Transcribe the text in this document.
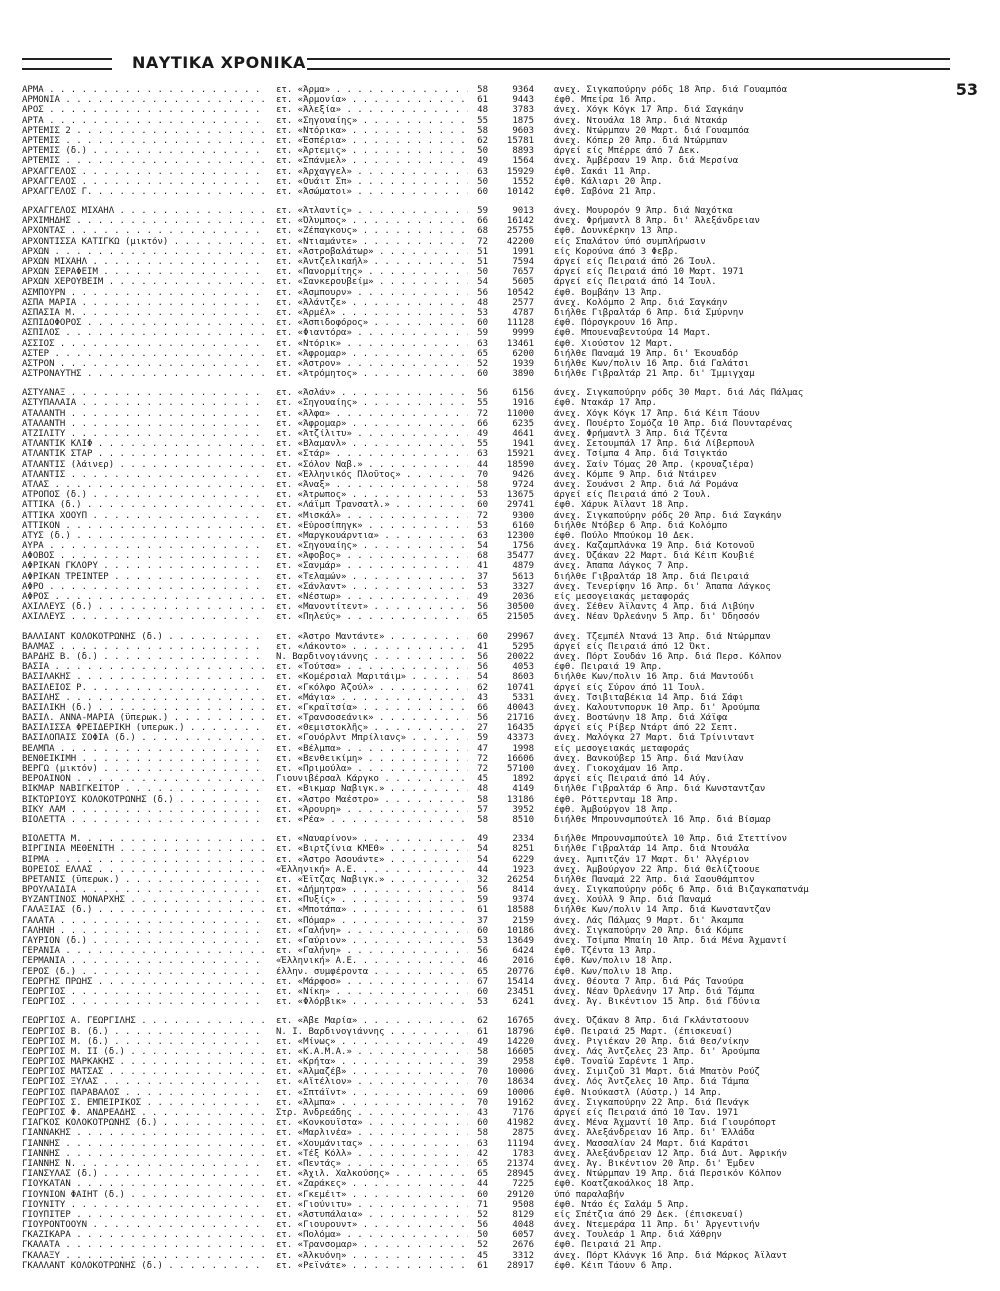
ΝΑΥΤΙΚΑ ΧΡΟΝΙΚΑ
53
ΑΡΜΑ . . .	ετ. «Άρμα» . . .	58	9364 ανεχ. Σιγκαπούρην ρόδς 18 Άπρ. διά Γουαμπόα
ΑΡΜΟΝΙΑ . . .	ετ. «Άρμονία» . . .	61	9443 έφθ. Μπείρα 16 Άπρ.
ΑΡΟΣ . . .	ετ. «Άλεξία» . . .	48	3783 άνεχ. Χόγκ Κόγκ 17 Άπρ. διά Σαγκάην
ΑΡΤΑ . . .	ετ. «Σηγουαίης» . . .	55	1875 άνεχ. Ντουάλα 18 Άπρ. διά Ντακάρ
ΑΡΤΕΜΙΣ 2 . . .	ετ. «Ντόρικα» . . .	58	9603 άνεχ. Ντώρμπαν 20 Μαρτ. διά Γουαμπόα
ΑΡΤΕΜΙΣ . . .	ετ. «Έσπέρια» . . .	62	15781 άνεχ. Κόπερ 20 Άπρ. διά Ντώρμπαν
ΑΡΤΕΜΙΣ (δ.) . . .	ετ. «Άρτεμις» . . .	50	8893 άργεί είς Μπέρρε άπό 7 Δεκ.
ΑΡΤΕΜΙΣ . . .	ετ. «Σπάνμελ» . . .	49	1564 άνεχ. Άμβέρσαν 19 Άπρ. διά Μερσίνα
ΑΡΧΑΓΓΕΛΟΣ . . .	ετ. «Άρχαγγελ» . . .	63	15929 έφθ. Σακάι 11 Άπρ.
ΑΡΧΑΓΓΕΛΟΣ . . .	ετ. «Ουάιτ Σπ» . . .	50	1552 έφθ. Κάλιαρι 20 Άπρ.
ΑΡΧΑΓΓΕΛΟΣ Γ. . . .	ετ. «Άσώματοι» . . .	60	10142 έφθ. Σαβόνα 21 Άπρ.
ΑΡΧΑΓΓΕΛΟΣ ΜΙΧΑΗΛ . . .	ετ. «Άτλαντίς» . . .	59	9013 άνεχ. Μουρορόν 9 Άπρ. διά Ναχότκα
ΑΡΧΙΜΗΔΗΣ . . .	ετ. «Όλυμπος» . . .	66	16142 άνεχ. Φρήμαντλ 8 Άπρ. δι' Άλεξάνδρειαν
ΑΡΧΟΝΤΑΣ . . .	ετ. «Ζέπαγκους» . . .	68	25755 έφθ. Δουνκέρκην 13 Άπρ.
ΑΡΧΟΝΤΙΣΣΑ ΚΑΤΙΓΚΩ (μικτόν) . . .	ετ. «Ντιαμάντε» . . .	72	42200 είς Σπαλάτον ύπό συμπλήρωσιν
ΑΡΧΩΝ . . .	ετ. «Άστροβαλάτωρ» . . .	51	1991 είς Κορούνα άπό 3 Φεβρ.
ΑΡΧΩΝ ΜΙΧΑΗΛ . . .	ετ. «Άντζελικαήλ» . . .	51	7594 άργεί είς Πειραιά άπό 26 Ίουλ.
ΑΡΧΩΝ ΣΕΡΑΦΕΙΜ . . .	ετ. «Πανορμίτης» . . .	50	7657 άργεί είς Πειραιά άπό 10 Μαρτ. 1971
ΑΡΧΩΝ ΧΕΡΟΥΒΕΙΜ . . .	ετ. «Σανκερουβείμ» . . .	54	5605 άργεί είς Πειραιά άπό 14 Ίουλ.
ΑΣΜΠΟΥΡΝ . . .	ετ. «Άσμπουρν» . . .	56	10542 έφθ. Βομβάην 13 Άπρ.
ΑΣΠΑ ΜΑΡΙΑ . . .	ετ. «Άλάντζε» . . .	48	2577 άνεχ. Κολόμπο 2 Άπρ. διά Σαγκάην
ΑΣΠΑΣΙΑ Μ. . . .	ετ. «Άρμέλ» . . .	53	4787 διήλθε Γιβραλτάρ 6 Άπρ. διά Σμύρνην
ΑΣΠΙΔΟΦΟΡΟΣ . . .	ετ. «Άσπιδοφόρος» . . .	60	11128 έφθ. Πόρσγκρουν 16 Άπρ.
ΑΣΠΙΛΟΣ . . .	ετ. «Φιαντόρα» . . .	59	9999 έφθ. Μπουεναβεντούρα 14 Μαρτ.
ΑΣΣΙΟΣ . . .	ετ. «Ντόρικ» . . .	63	13461 έφθ. Χιούστον 12 Μαρτ.
ΑΣΤΕΡ . . .	ετ. «Άφρομαρ» . . .	65	6200 διήλθε Παναμά 19 Άπρ. δι' Έκουαδόρ
ΑΣΤΡΟΝ . . .	ετ. «Άστρον» . . .	52	1939 διήλθε Κων/πολιν 16 Άπρ. διά Γαλάτσι
ΑΣΤΡΟΝΑΥΤΗΣ . . .	ετ. «Άτρόμητος» . . .	60	3890 διήλθε Γιβραλτάρ 21 Άπρ. δι' Ίμμιγχαμ
ΑΣΤΥΑΝΑΞ . . .	ετ. «Άσλάν» . . .	56	6156 άνεχ. Σιγκαπούρην ρόδς 30 Μαρτ. διά Λάς Πάλμας
ΑΣΤΥΠΑΛΑΙΑ . . .	ετ. «Σηγουαίης» . . .	55	1916 έφθ. Ντακάρ 17 Άπρ.
ΑΤΑΛΑΝΤΗ . . .	ετ. «Άλφα» . . .	72	11000 άνεχ. Χόγκ Κόγκ 17 Άπρ. διά Κέιπ Τάουν
ΑΤΑΛΑΝΤΗ . . .	ετ. «Άφρομαρ» . . .	66	6235 άνεχ. Πουέρτο Σομόζα 10 Άπρ. διά Πουνταρένας
ΑΤΖΙΛΙΤΥ . . .	ετ. «Άτζίλιτυ» . . .	49	4641 άνεχ. Φρήμαντλ 3 Άπρ. διά Τζέντα
ΑΤΛΑΝΤΙΚ ΚΛΙΦ . . .	ετ. «Βλαμανλ» . . .	55	1941 άνεχ. Σετουμπάλ 17 Άπρ. διά Λίβερπουλ
ΑΤΛΑΝΤΙΚ ΣΤΑΡ . . .	ετ. «Στάρ» . . .	63	15921 άνεχ. Τσίμπα 4 Άπρ. διά Τσιγκτάο
ΑΤΛΑΝΤΙΣ (λάινερ) . . .	ετ. «Σόλον Ναβ.» . . .	44	18590 άνεχ. Σαίν Τόμας 20 Άπρ. (κρουαζιέρα)
ΑΤΛΑΝΤΙΣ . . .	ετ. «Έλληνικός Πλοῦτος» . . .	70	9426 άνεχ. Κόμπε 9 Άπρ. διά Ντάιρεν
ΑΤΛΑΣ . . .	ετ. «Άναξ» . . .	58	9724 άνεχ. Σουάνσι 2 Άπρ. διά Λά Ρομάνα
ΑΤΡΟΠΟΣ (δ.) . . .	ετ. «Άτρωπος» . . .	53	13675 άργεί είς Πειραιά άπό 2 Ίουλ.
ΑΤΤΙΚΑ (δ.) . . .	ετ. «Λάϊμπ Τρανσατλ.» . . .	60	29741 έφθ. Χάρυκ Άϊλαντ 18 Άπρ.
ΑΤΤΙΚΑ ΧΟΟΥΠ . . .	ετ. «Μισκάλ» . . .	72	9300 άνεχ. Σιγκαπούρην ρόδς 20 Άπρ. διά Σαγκάην
ΑΤΤΙΚΟΝ . . .	ετ. «Εὐροσίπηγκ» . . .	53	6160 διήλθε Ντόβερ 6 Άπρ. διά Κολόμπο
ΑΤΥΣ (δ.) . . .	ετ. «Μαργκουάρντια» . . .	63	12300 έφθ. Πούλο Μπούκομ 10 Δεκ.
ΑΥΡΑ . . .	ετ. «Σηγουαίης» . . .	54	1756 άνεχ. Καζαμπλάνκα 19 Άπρ. διά Κοτονοῦ
ΑΦΟΒΟΣ . . .	ετ. «Άφοβος» . . .	68	35477 άνεχ. Όζάκαν 22 Μαρτ. διά Κέιπ Κουβιέ
ΑΦΡΙΚΑΝ ΓΚΛΟΡΥ . . .	ετ. «Σανμάρ» . . .	41	4879 άνεχ. Άπαπα Λάγκος 7 Άπρ.
ΑΦΡΙΚΑΝ ΤΡΕΪΝΤΕΡ . . .	ετ. «Τελαμών» . . .	37	5613 διήλθε Γιβραλτάρ 18 Άπρ. διά Πειραιά
ΑΦΡΟ . . .	ετ. «Σάνλαντ» . . .	53	3327 άνεχ. Τενερίφην 16 Άπρ. δι' Άπαπα Λάγκος
ΑΦΡΟΣ . . .	ετ. «Νέστωρ» . . .	49	2036 είς μεσογειακάς μεταφοράς
ΑΧΙΛΛΕΥΣ (δ.) . . .	ετ. «Μανοντίτεντ» . . .	56	30500 άνεχ. Σέθεν Άϊλαντς 4 Άπρ. διά Λιβύην
ΑΧΙΛΛΕΥΣ . . .	ετ. «Πηλεύς» . . .	65	21505 άνεχ. Νέαν Όρλεάνην 5 Άπρ. δι' Όδησσόν
ΒΑΛΛΙΑΝΤ ΚΟΛΟΚΟΤΡΩΝΗΣ (δ.) . . .	ετ. «Άστρο Μαντάντε» . . .	60	29967 άνεχ. Τζεμπέλ Ντανά 13 Άπρ. διά Ντώρμπαν
ΒΑΛΜΑΣ . . .	ετ. «Λάκοντο» . . .	41	5295 άργεί είς Πειραιά άπό 12 Όκτ.
ΒΑΡΔΗΣ Β. (δ.) . . .	Ν. Βαρδινογιάννης . . .	56	20022 άνεχ. Πόρτ Σουδάν 16 Άπρ. διά Περσ. Κόλπον
ΒΑΣΙΑ . . .	ετ. «Τούτσα» . . .	56	4053 έφθ. Πειραιά 19 Άπρ.
ΒΑΣΙΛΑΚΗΣ . . .	ετ. «Κομέρσιαλ Μαριτάιμ» . . .	54	8603 διήλθε Κων/πολιν 16 Άπρ. διά Μαντούδι
ΒΑΣΙΛΕΙΟΣ Ρ. . . .	ετ. «Γκόλφο Άζούλ» . . .	62	10741 άργεί είς Σύρον άπό 11 Ίουλ.
ΒΑΣΙΛΗΣ . . .	ετ. «Μάγια» . . .	43	5331 άνεχ. Τσιβιταβέκια 14 Άπρ. διά Σάφι
ΒΑΣΙΛΙΚΗ (δ.) . . .	ετ. «Γκραϊτσία» . . .	66	40043 άνεχ. Καλουτνπορυκ 10 Άπρ. δι' Άρούμπα
ΒΑΣΙΛ. ΑΝΝΑ-ΜΑΡΙΑ (ϋπερωκ.) . . .	ετ. «Τρανσοσεάνικ» . . .	56	21716 άνεχ. Βοστώνην 18 Άπρ. διά Χάϊφα
ΒΑΣΙΛΙΣΣΑ ΦΡΕΙΔΕΡΙΚΗ (υπερωκ.) . . .	ετ. «Θεμιστοκλῆς» . . .	27	16435 άργεί είς Ρίβερ Ντάρτ άπό 22 Σεπτ.
ΒΑΣΙΛΟΠΑΙΣ ΣΟΦΙΑ (δ.) . . .	ετ. «Γουόρλντ Μπρίλιανς» . . .	59	43373 άνεχ. Μαλόγκα 27 Μαρτ. διά Τρίνινταντ
ΒΕΛΜΠΑ . . .	ετ. «Βέλμπα» . . .	47	1998 είς μεσογειακάς μεταφοράς
ΒΕΝΘΕΙΚΙΜΗ . . .	ετ. «Βενθεικίμη» . . .	72	16606 άνεχ. Βανκούβερ 15 Άπρ. διά Μανίλαν
ΒΕΡΓΩ (μικτόν) . . .	ετ. «Πριμούλα» . . .	72	57100 άνεχ. Γιοκοχάμαν 16 Άπρ.
ΒΕΡΟΑΙΝΟΝ . . .	Γιουνιβέρσαλ Κάργκο . . .	45	1892 άργεί είς Πειραιά άπό 14 Αύγ.
ΒΙΚΜΑΡ ΝΑΒΙΓΚΕΪΤΟΡ . . .	ετ. «Βικμαρ Ναβιγκ.» . . .	48	4149 διήλθε Γιβραλτάρ 6 Άπρ. διά Κωνσταντζαν
ΒΙΚΤΩΡΙΟΥΣ ΚΟΛΟΚΟΤΡΩΝΗΣ (δ.) . . .	ετ. «Άστρο Μαέστρο» . . .	58	13186 έφθ. Ρόττερνταμ 18 Άπρ.
ΒΙΚΥ ΛΑΜ . . .	ετ. «Άρουρη» . . .	57	3952 έφθ. Άμβούργον 18 Άπρ.
ΒΙΟΛΕΤΤΑ . . .	ετ. «Ρέα» . . .	58	8510 διήλθε Μπρουνσμπούτελ 16 Άπρ. διά Βίσμαρ
ΒΙΟΛΕΤΤΑ Μ. . . .	ετ. «Ναυαρίνον» . . .	49	2334 διήλθε Μπρουνσμπούτελ 10 Άπρ. διά Στεττίνον
ΒΙΡΓΙΝΙΑ ΜΕΘΕΝΙΤΗ . . .	ετ. «Βιρτζίνια ΚΜΕΘ» . . .	54	8251 διήλθε Γιβραλτάρ 14 Άπρ. διά Ντουάλα
ΒΙΡΜΑ . . .	ετ. «Άστρο Άσουάντε» . . .	54	6229 άνεχ. Άμπιτζάν 17 Μαρτ. δι' Άλγέριον
ΒΟΡΕΙΟΣ ΕΛΛΑΣ . . .	«Έλληνική» Α.Ε. . . .	44	1923 άνεχ. Άμβούργον 22 Άπρ. διά Θελίζτοουε
ΒΡΕΤΑΝΙΣ (ϋπερωκ.) . . .	ετ. «Έϊτζας Ναβιγκ.» . . .	32	26254 διήλθε Παναμά 22 Άπρ. διά Σαουθάμπτον
ΒΡΟΥΛΑΙΔΙΑ . . .	ετ. «Δήμητρα» . . .	56	8414 άνεχ. Σιγκαπούρην ρόδς 6 Άπρ. διά Βιζαγκαπατνάμ
ΒΥΖΑΝΤΙΝΟΣ ΜΟΝΑΡΧΗΣ . . .	ετ. «Πυξίς» . . .	59	9374 άνεχ. Χούλλ 9 Άπρ. διά Παναμά
ΓΑΛΑΞΙΑΣ (δ.) . . .	ετ. «Μποτάπα» . . .	61	18588 διήλθε Κων/πολιν 14 Άπρ. διά Κωνσταντζαν
ΓΑΛΑΤΑ . . .	ετ. «Πόμαρ» . . .	37	2159 άνεχ. Λάς Πάλμας 9 Μαρτ. δι' Άκαμπα
ΓΑΛΗΝΗ . . .	ετ. «Γαλήνη» . . .	60	10186 άνεχ. Σιγκαπούρην 20 Άπρ. διά Κόμπε
ΓΑΥΡΙΟΝ (δ.) . . .	ετ. «Γαύριον» . . .	53	13649 άνεχ. Τσίμπα Μπαίη 10 Άπρ. διά Μένα Άχμαντί
ΓΕΡΑΝΙΑ . . .	ετ. «Γαλήνη» . . .	56	6424 έφθ. Τζέντα 13 Άπρ.
ΓΕΡΜΑΝΙΑ . . .	«Έλληνική» Α.Ε. . . .	46	2016 έφθ. Κων/πολιν 18 Άπρ.
ΓΕΡΟΣ (δ.) . . .	έλλην. συμφέροντα . . .	65	20776 έφθ. Κων/πολιν 18 Άπρ.
ΓΕΩΡΓΗΣ ΠΡΩΗΣ . . .	ετ. «Μάρφοσ» . . .	67	15414 άνεχ. Θέουτα 7 Άπρ. διά Ράς Τανούρα
ΓΕΩΡΓΙΟΣ . . .	ετ. «Νίκη» . . .	60	23451 άνεχ. Νέαν Όρλεάνην 17 Άπρ. διά Τάμπα
ΓΕΩΡΓΙΟΣ . . .	ετ. «Φλόρβικ» . . .	53	6241 άνεχ. Άγ. Βικέντιον 15 Άπρ. διά Γδύνια
ΓΕΩΡΓΙΟΣ Α. ΓΕΩΡΓΙΛΗΣ . . .	ετ. «Άβε Μαρία» . . .	62	16765 άνεχ. Όζάκαν 8 Άπρ. διά Γκλάντστοουν
ΓΕΩΡΓΙΟΣ Β. (δ.) . . .	Ν. Ι. Βαρδινογιάννης . . .	61	18796 έφθ. Πειραιά 25 Μαρτ. (έπισκευαί)
ΓΕΩΡΓΙΟΣ Μ. (δ.) . . .	ετ. «Μίνως» . . .	49	14220 άνεχ. Ριγιέκαν 20 Άπρ. διά Θεσ/νίκην
ΓΕΩΡΓΙΟΣ Μ. ΙΙ (δ.) . . .	ετ. «Κ.Α.Μ.Α.» . . .	58	16605 άνεχ. Λάς Άντζελες 23 Άπρ. δι' Άρούμπα
ΓΕΩΡΓΙΟΣ ΜΑΡΚΑΚΗΣ . . .	ετ. «Κρήτα» . . .	39	2958 έφθ. Τοναϊώ Σαρέντε 1 Άπρ.
ΓΕΩΡΓΙΟΣ ΜΑΤΣΑΣ . . .	ετ. «Άλμαζέβ» . . .	70	10006 άνεχ. Σιμιζοῦ 31 Μαρτ. διά Μπατὸν Ρούζ
ΓΕΩΡΓΙΟΣ ΞΥΛΑΣ . . .	ετ. «Αἵτέλιον» . . .	70	18634 άνεχ. Λός Άντζελες 10 Άπρ. διά Τάμπα
ΓΕΩΡΓΙΟΣ ΠΑΡΑΒΑΛΟΣ . . .	ετ. «Σπτάϊντ» . . .	69	10006 έφθ. Νιούκαστλ (Αὐστρ.) 14 Άπρ.
ΓΕΩΡΓΙΟΣ Σ. ΕΜΠΕΙΡΙΚΟΣ . . .	ετ. «Άλμπα» . . .	70	19162 άνεχ. Σιγκαπούρην 22 Άπρ. διά Πενάγκ
ΓΕΩΡΓΙΟΣ Φ. ΑΝΔΡΕΑΔΗΣ . . .	Στρ. Άνδρεάδης . . .	43	7176 άργεί είς Πειραιά άπό 10 Ίαν. 1971
ΓΙΑΓΚΟΣ ΚΟΛΟΚΟΤΡΩΝΗΣ (δ.) . . .	ετ. «Κονκουΐστα» . . .	60	41982 άνεχ. Μένα Άχμαντί 10 Άπρ. διά Γιουρόπορτ
ΓΙΑΝΝΑΚΗΣ . . .	ετ. «Μαρλινέα» . . .	58	2875 άνεχ. Άλεξάνδρειαν 16 Άπρ. δι' Έλλάδα
ΓΙΑΝΝΗΣ . . .	ετ. «Χουμάνιτας» . . .	63	11194 άνεχ. Μασσαλίαν 24 Μαρτ. διά Καράτσι
ΓΙΑΝΝΗΣ . . .	ετ. «Τέξ Κόλλ» . . .	42	1783 άνεχ. Άλεξάνδρειαν 12 Άπρ. διά Δυτ. Άφρικήν
ΓΙΑΝΝΗΣ Ν. . . .	ετ. «Πεντάς» . . .	65	21374 άνεχ. Άγ. Βικέντιον 20 Άπρ. δι' Έμδεν
ΓΙΑΝΣΥΛΑΣ (δ.) . . .	ετ. «Άχιλ. Χαλκούσης» . . .	65	28945 άνεχ. Ντώρμπαν 19 Άπρ. διά Περσικόν Κόλπον
ΓΙΟΥΚΑΤΑΝ . . .	ετ. «Ζαράκες» . . .	44	7225 έφθ. Κοατζακοάλκος 18 Άπρ.
ΓΙΟΥΝΙΟΝ ΦΑΙΗΤ (δ.) . . .	ετ. «Γκεμέιτ» . . .	60	29120 ύπό παραλαβήν
ΓΙΟΥΝΙΤΥ . . .	ετ. «Γιούνιτυ» . . .	71	9508 έφθ. Ντάο ές Σαλάμ 5 Άπρ.
ΓΙΟΥΠΙΤΕΡ . . .	ετ. «Άστυπάλαια» . . .	52	8129 είς Σπέτζια άπό 29 Δεκ. (έπισκευαί)
ΓΙΟΥΡΟΝΤΟΟΥΝ . . .	ετ. «Γιουρουντ» . . .	56	4048 άνεχ. Ντεμεράρα 11 Άπρ. δι' Άργεντινήν
ΓΚΑΖΙΚΑΡΑ . . .	ετ. «Πολόμα» . . .	50	6057 άνεχ. Τουλεάρ 1 Άπρ. διά Χάθρην
ΓΚΑΛΑΤΑ . . .	ετ. «Τρανσομαρ» . . .	52	2676 έφθ. Πειραιά 21 Άπρ.
ΓΚΑΛΑΞΥ . . .	ετ. «Άλκυόνη» . . .	45	3312 άνεχ. Πόρτ Κλάνγκ 16 Άπρ. διά Μάρκος Άϊλαντ
ΓΚΑΛΛΑΝΤ ΚΟΛΟΚΟΤΡΩΝΗΣ (δ.) . . .	ετ. «Ρεϊνάτε» . . .	61	28917 έφθ. Κέιπ Τάουν 6 Άπρ.
